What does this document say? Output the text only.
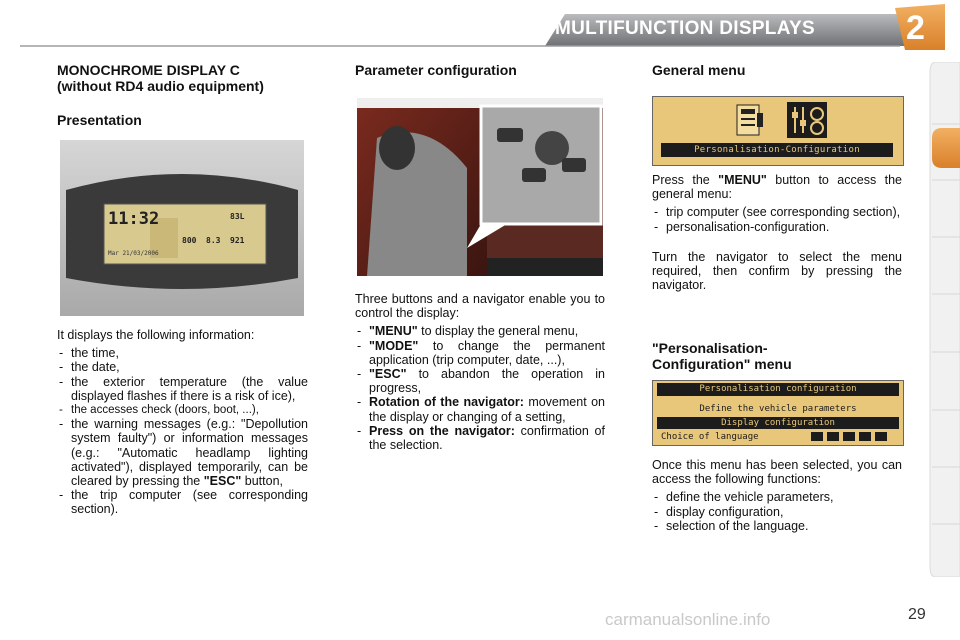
MULTIFUNCTION DISPLAYS	2
MONOCHROME DISPLAY C
(without RD4 audio equipment)
Presentation
11:32
Mar 21/03/2006
800 8.3 921
83L

It displays the following information:

- the time,
- the date,
- the exterior temperature (the value displayed flashes if there is a risk of ice),
- the accesses check (doors, boot, ...),
- the warning messages (e.g.: "Depollution system faulty") or information messages (e.g.: "Automatic headlamp lighting activated"), displayed temporarily, can be cleared by pressing the "ESC" button,
- the trip computer (see corresponding section).
Parameter configuration

Three buttons and a navigator enable you to control the display:

- "MENU" to display the general menu,
- "MODE" to change the permanent application (trip computer, date, ...),
- "ESC" to abandon the operation in progress,
- Rotation of the navigator: movement on the display or changing of a setting,
- Press on the navigator: confirmation of the selection.
General menu
Personalisation-Configuration

Press the "MENU" button to access the general menu:

- trip computer (see corresponding section),
- personalisation-configuration.

Turn the navigator to select the menu required, then confirm by pressing the navigator.

"Personalisation-
Configuration" menu
Personalisation configuration
Define the vehicle parameters
Display configuration
Choice of language

Once this menu has been selected, you can access the following functions:

- define the vehicle parameters,
- display configuration,
- selection of the language.
carmanualsonline.info	29
